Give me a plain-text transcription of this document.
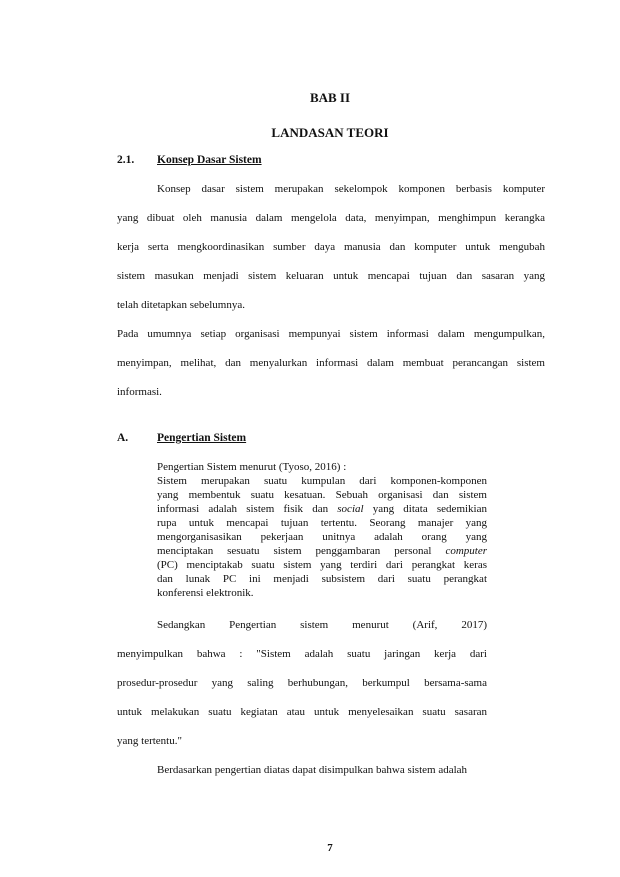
BAB II

LANDASAN TEORI

2.1. Konsep Dasar Sistem

Konsep dasar sistem merupakan sekelompok komponen berbasis komputer

yang dibuat oleh manusia dalam mengelola data, menyimpan, menghimpun kerangka

kerja serta mengkoordinasikan sumber daya manusia dan komputer untuk mengubah

sistem masukan menjadi sistem keluaran untuk mencapai tujuan dan sasaran yang

telah ditetapkan sebelumnya.

Pada umumnya setiap organisasi mempunyai sistem informasi dalam mengumpulkan,

menyimpan, melihat, dan menyalurkan informasi dalam membuat perancangan sistem

informasi.

A.	Pengertian Sistem

Pengertian Sistem menurut (Tyoso, 2016) :

Sistem merupakan suatu kumpulan dari komponen-komponen

yang membentuk suatu kesatuan. Sebuah organisasi dan sistem

informasi adalah sistem fisik dan social yang ditata sedemikian

rupa untuk mencapai tujuan tertentu. Seorang manajer yang

mengorganisasikan pekerjaan unitnya adalah orang yang

menciptakan sesuatu sistem penggambaran personal computer

(PC) menciptakab suatu sistem yang terdiri dari perangkat keras

dan lunak PC ini menjadi subsistem dari suatu perangkat

konferensi elektronik.

Sedangkan Pengertian sistem menurut (Arif, 2017)

menyimpulkan bahwa : "Sistem adalah suatu jaringan kerja dari

prosedur-prosedur yang saling berhubungan, berkumpul bersama-sama

untuk melakukan suatu kegiatan atau untuk menyelesaikan suatu sasaran

yang tertentu."

Berdasarkan pengertian diatas dapat disimpulkan bahwa sistem adalah

7
